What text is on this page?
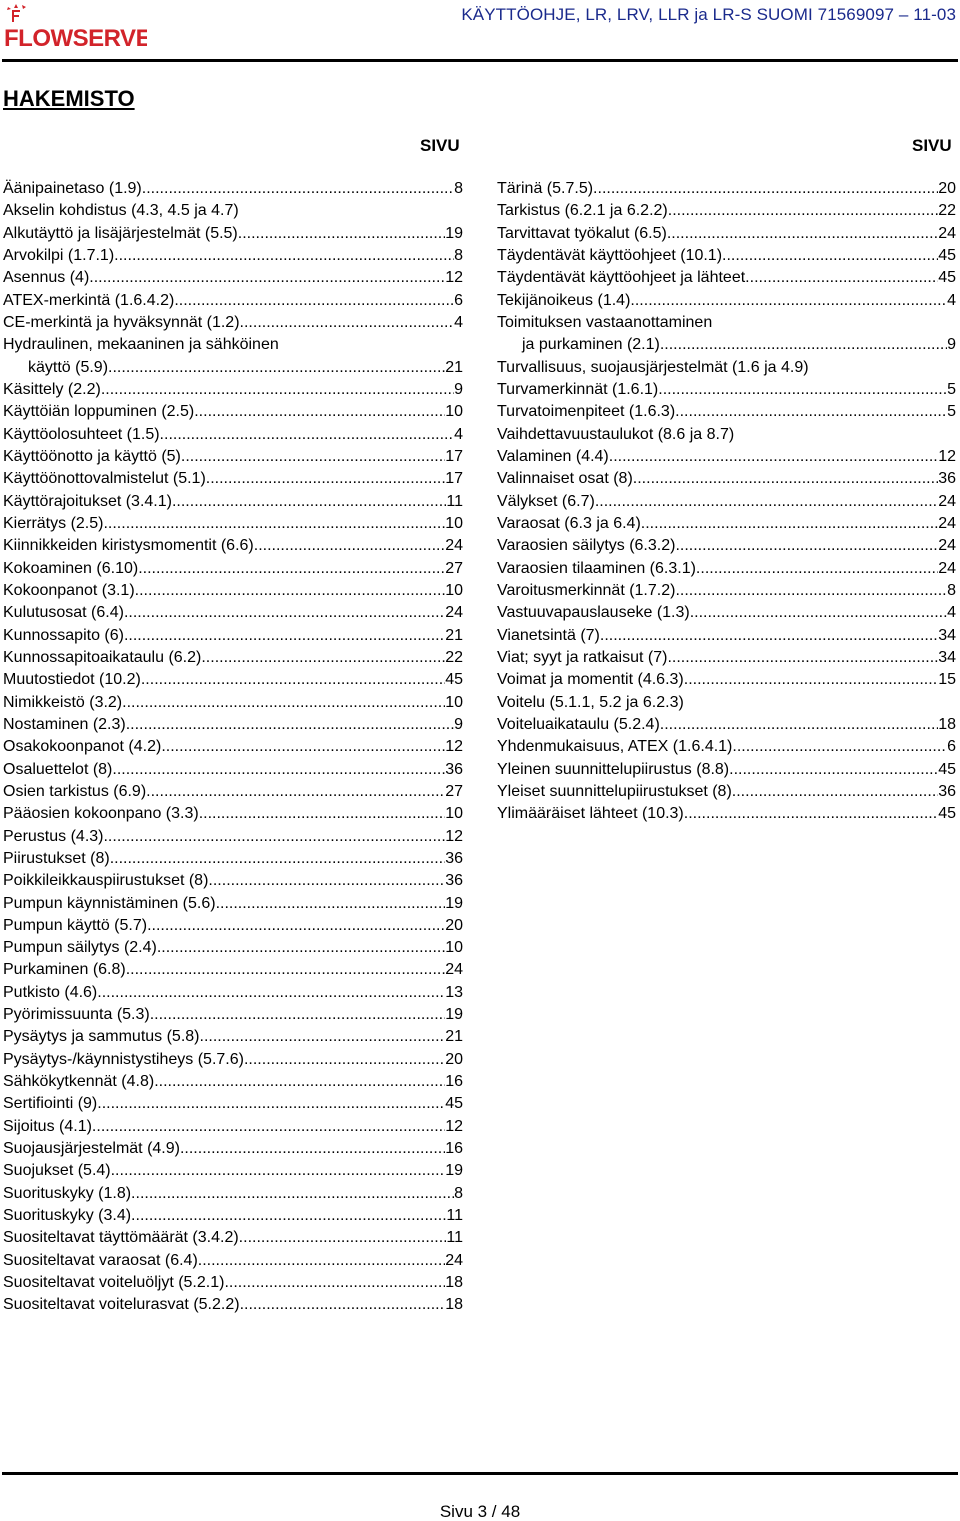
FLOWSERVE
KÄYTTÖOHJE, LR, LRV, LLR ja LR-S SUOMI 71569097 – 11-03
HAKEMISTO
SIVU	SIVU
Äänipainetaso (1.9) .....	8
Akselin kohdistus (4.3, 4.5 ja 4.7)
Alkutäyttö ja lisäjärjestelmät (5.5) .....	19
Arvokilpi (1.7.1) .....	8
Asennus (4) .....	12
ATEX-merkintä (1.6.4.2) .....	6
CE-merkintä ja hyväksynnät (1.2) .....	4
Hydraulinen, mekaaninen ja sähköinen
käyttö (5.9) .....	21
Käsittely (2.2) .....	9
Käyttöiän loppuminen (2.5) .....	10
Käyttöolosuhteet (1.5) .....	4
Käyttöönotto ja käyttö (5) .....	17
Käyttöönottovalmistelut (5.1) .....	17
Käyttörajoitukset (3.4.1) .....	11
Kierrätys (2.5) .....	10
Kiinnikkeiden kiristysmomentit (6.6) .....	24
Kokoaminen (6.10) .....	27
Kokoonpanot (3.1) .....	10
Kulutusosat (6.4) .....	24
Kunnossapito (6) .....	21
Kunnossapitoaikataulu (6.2) .....	22
Muutostiedot (10.2) .....	45
Nimikkeistö (3.2) .....	10
Nostaminen (2.3) .....	9
Osakokoonpanot (4.2) .....	12
Osaluettelot (8) .....	36
Osien tarkistus (6.9) .....	27
Pääosien kokoonpano (3.3) .....	10
Perustus (4.3) .....	12
Piirustukset (8) .....	36
Poikkileikkauspiirustukset (8) .....	36
Pumpun käynnistäminen (5.6) .....	19
Pumpun käyttö (5.7) .....	20
Pumpun säilytys (2.4) .....	10
Purkaminen (6.8) .....	24
Putkisto (4.6) .....	13
Pyörimissuunta (5.3) .....	19
Pysäytys ja sammutus (5.8) .....	21
Pysäytys-/käynnistystiheys (5.7.6) .....	20
Sähkökytkennät (4.8) .....	16
Sertifiointi (9) .....	45
Sijoitus (4.1) .....	12
Suojausjärjestelmät (4.9) .....	16
Suojukset (5.4) .....	19
Suorituskyky (1.8) .....	8
Suorituskyky (3.4) .....	11
Suositeltavat täyttömäärät (3.4.2) .....	11
Suositeltavat varaosat (6.4) .....	24
Suositeltavat voiteluöljyt (5.2.1) .....	18
Suositeltavat voitelurasvat (5.2.2) .....	18
Tärinä (5.7.5) .....	20
Tarkistus (6.2.1 ja 6.2.2) .....	22
Tarvittavat työkalut (6.5) .....	24
Täydentävät käyttöohjeet (10.1) .....	45
Täydentävät käyttöohjeet ja lähteet .....	45
Tekijänoikeus (1.4) .....	4
Toimituksen vastaanottaminen
ja purkaminen (2.1) .....	9
Turvallisuus, suojausjärjestelmät (1.6 ja 4.9)
Turvamerkinnät (1.6.1) .....	5
Turvatoimenpiteet (1.6.3) .....	5
Vaihdettavuustaulukot (8.6 ja 8.7)
Valaminen (4.4) .....	12
Valinnaiset osat (8) .....	36
Välykset (6.7) .....	24
Varaosat (6.3 ja 6.4) .....	24
Varaosien säilytys (6.3.2) .....	24
Varaosien tilaaminen (6.3.1) .....	24
Varoitusmerkinnät (1.7.2) .....	8
Vastuuvapauslauseke (1.3) .....	4
Vianetsintä (7) .....	34
Viat; syyt ja ratkaisut (7) .....	34
Voimat ja momentit (4.6.3) .....	15
Voitelu (5.1.1, 5.2 ja 6.2.3)
Voiteluaikataulu (5.2.4) .....	18
Yhdenmukaisuus, ATEX (1.6.4.1) .....	6
Yleinen suunnittelupiirustus (8.8) .....	45
Yleiset suunnittelupiirustukset (8) .....	36
Ylimääräiset lähteet (10.3) .....	45
Sivu 3 / 48
